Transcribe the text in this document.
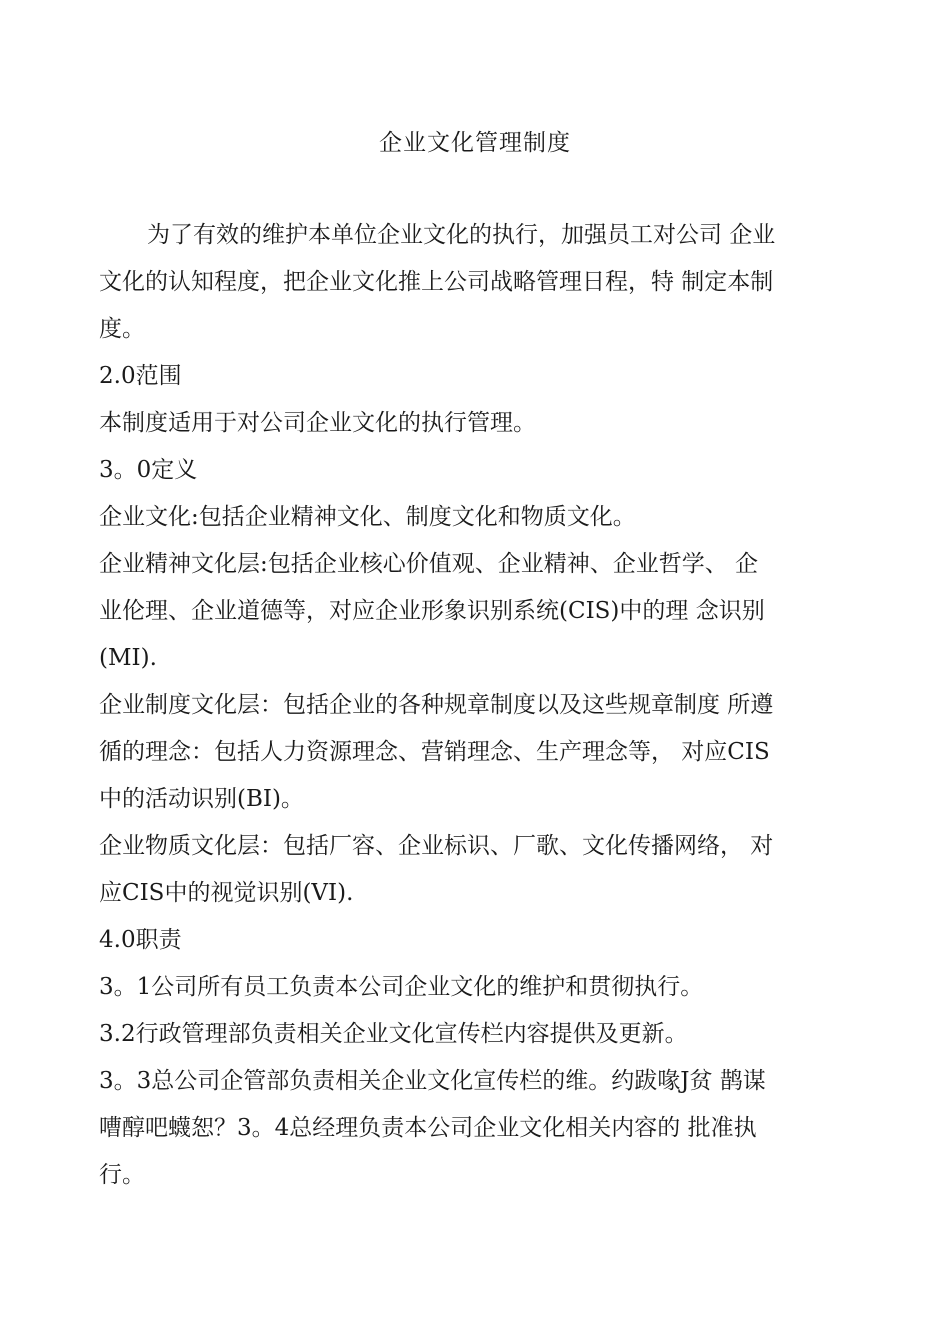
企业文化管理制度

为了有效的维护本单位企业文化的执行，加强员工对公司 企业
文化的认知程度，把企业文化推上公司战略管理日程，特 制定本制
度。

2.0范围

本制度适用于对公司企业文化的执行管理。

3。0定义

企业文化:包括企业精神文化、制度文化和物质文化。

企业精神文化层:包括企业核心价值观、企业精神、企业哲学、 企
业伦理、企业道德等，对应企业形象识别系统(CIS)中的理 念识别
(MI).

企业制度文化层：包括企业的各种规章制度以及这些规章制度 所遵
循的理念：包括人力资源理念、营销理念、生产理念等， 对应CIS
中的活动识别(BI)。

企业物质文化层：包括厂容、企业标识、厂歌、文化传播网络， 对
应CIS中的视觉识别(VI).

4.0职责

3。1公司所有员工负责本公司企业文化的维护和贯彻执行。

3.2行政管理部负责相关企业文化宣传栏内容提供及更新。

3。3总公司企管部负责相关企业文化宣传栏的维。约跋喙J贫 鹊谋
嘈醇吧蠛恕？3。4总经理负责本公司企业文化相关内容的 批准执
行。
